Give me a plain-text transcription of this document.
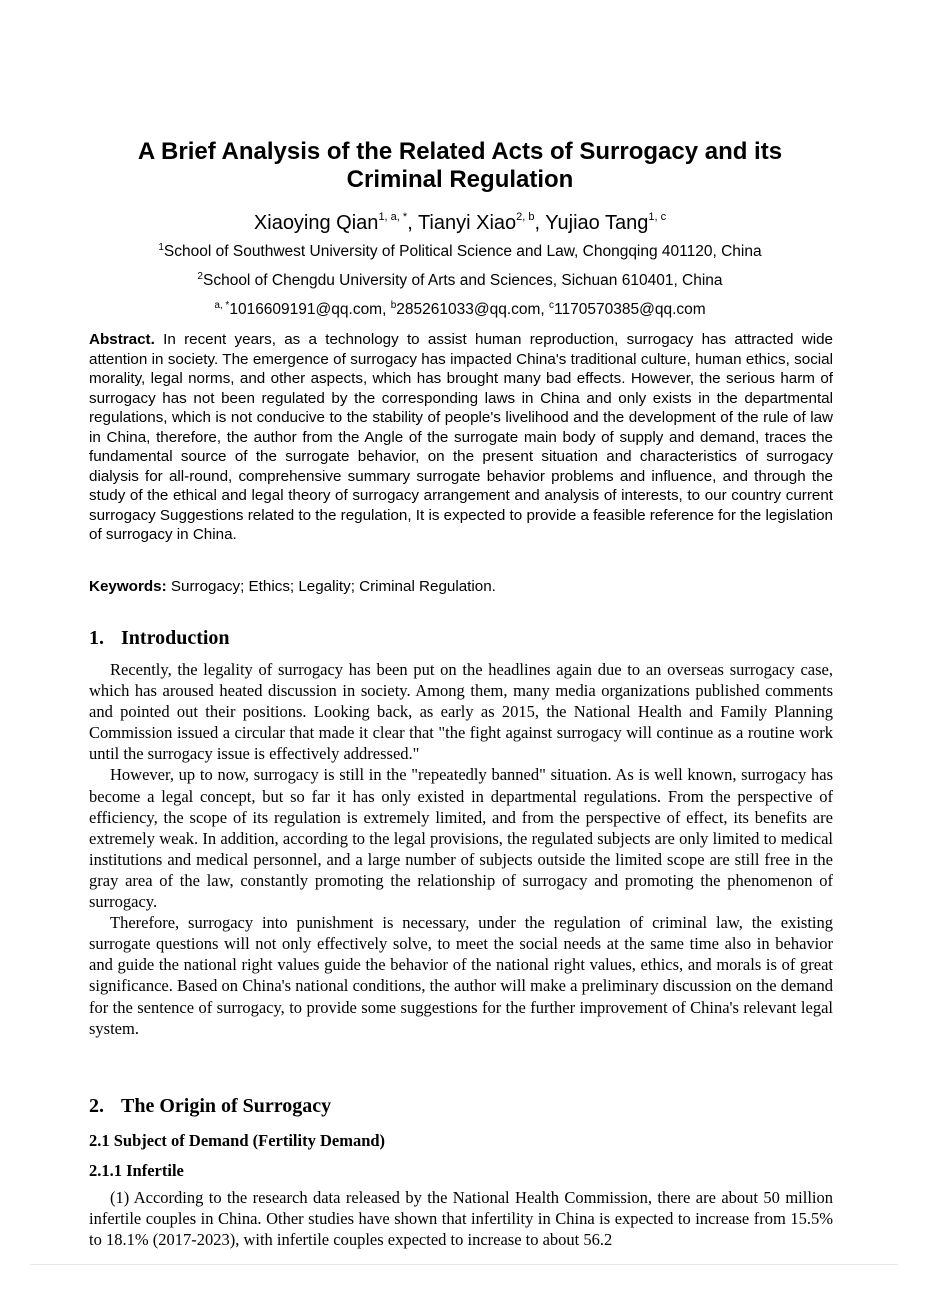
A Brief Analysis of the Related Acts of Surrogacy and its Criminal Regulation
Xiaoying Qian$^{1, a, *}$, Tianyi Xiao$^{2, b}$, Yujiao Tang$^{1, c}$
$^1$School of Southwest University of Political Science and Law, Chongqing 401120, China
$^2$School of Chengdu University of Arts and Sciences, Sichuan 610401, China
$^{a, *}$1016609191@qq.com, $^b$285261033@qq.com, $^c$1170570385@qq.com
Abstract. In recent years, as a technology to assist human reproduction, surrogacy has attracted wide attention in society. The emergence of surrogacy has impacted China's traditional culture, human ethics, social morality, legal norms, and other aspects, which has brought many bad effects. However, the serious harm of surrogacy has not been regulated by the corresponding laws in China and only exists in the departmental regulations, which is not conducive to the stability of people's livelihood and the development of the rule of law in China, therefore, the author from the Angle of the surrogate main body of supply and demand, traces the fundamental source of the surrogate behavior, on the present situation and characteristics of surrogacy dialysis for all-round, comprehensive summary surrogate behavior problems and influence, and through the study of the ethical and legal theory of surrogacy arrangement and analysis of interests, to our country current surrogacy Suggestions related to the regulation, It is expected to provide a feasible reference for the legislation of surrogacy in China.
Keywords: Surrogacy; Ethics; Legality; Criminal Regulation.
1. Introduction

Recently, the legality of surrogacy has been put on the headlines again due to an overseas surrogacy case, which has aroused heated discussion in society. Among them, many media organizations published comments and pointed out their positions. Looking back, as early as 2015, the National Health and Family Planning Commission issued a circular that made it clear that "the fight against surrogacy will continue as a routine work until the surrogacy issue is effectively addressed."

However, up to now, surrogacy is still in the "repeatedly banned" situation. As is well known, surrogacy has become a legal concept, but so far it has only existed in departmental regulations. From the perspective of efficiency, the scope of its regulation is extremely limited, and from the perspective of effect, its benefits are extremely weak. In addition, according to the legal provisions, the regulated subjects are only limited to medical institutions and medical personnel, and a large number of subjects outside the limited scope are still free in the gray area of the law, constantly promoting the relationship of surrogacy and promoting the phenomenon of surrogacy.

Therefore, surrogacy into punishment is necessary, under the regulation of criminal law, the existing surrogate questions will not only effectively solve, to meet the social needs at the same time also in behavior and guide the national right values guide the behavior of the national right values, ethics, and morals is of great significance. Based on China's national conditions, the author will make a preliminary discussion on the demand for the sentence of surrogacy, to provide some suggestions for the further improvement of China's relevant legal system.

2. The Origin of Surrogacy
2.1 Subject of Demand (Fertility Demand)
2.1.1 Infertile

(1) According to the research data released by the National Health Commission, there are about 50 million infertile couples in China. Other studies have shown that infertility in China is expected to increase from 15.5% to 18.1% (2017-2023), with infertile couples expected to increase to about 56.2
